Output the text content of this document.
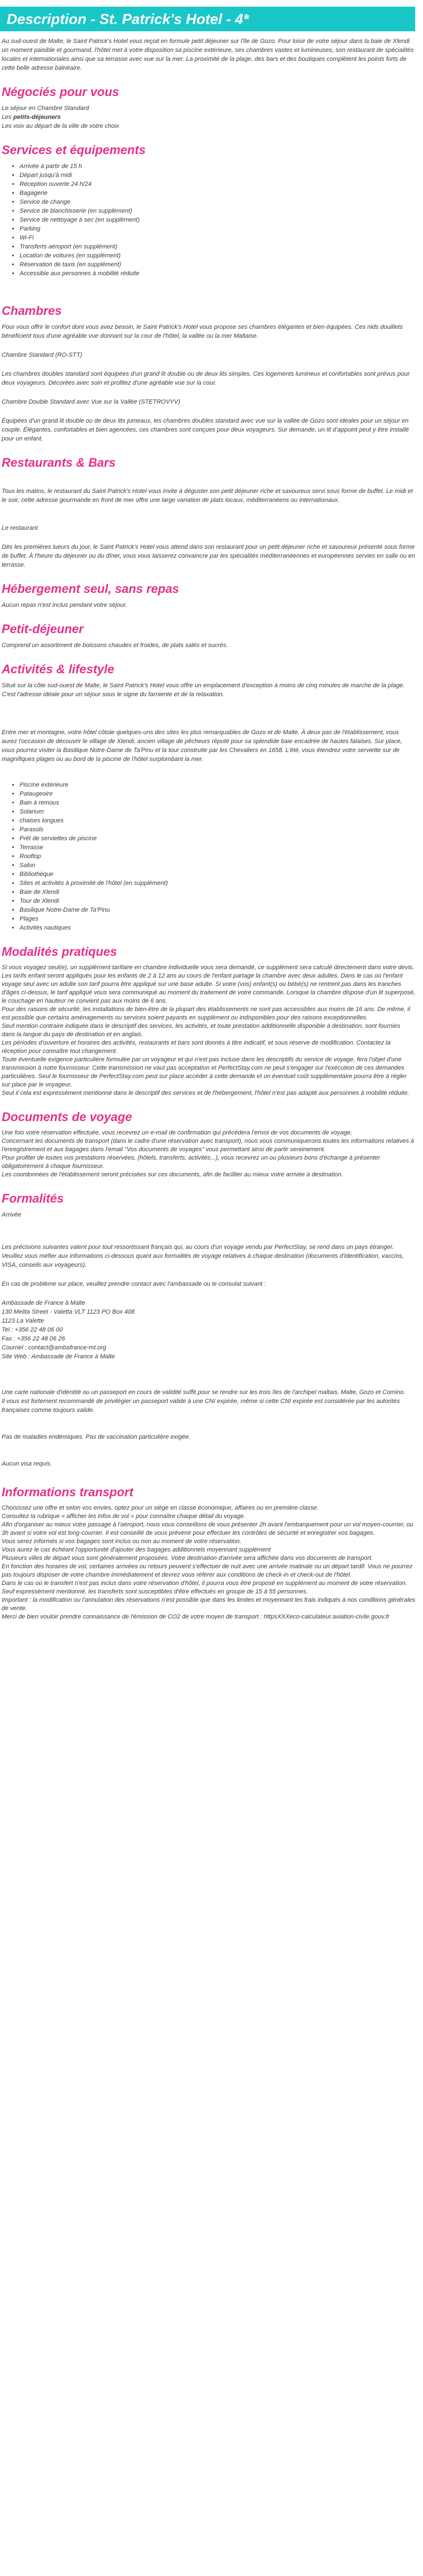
Description - St. Patrick's Hotel - 4*

Au sud-ouest de Malte, le Saint Patrick's Hotel vous reçoit en formule petit déjeuner sur l'île de Gozo. Pour loisir de votre séjour dans la baie de Xlendi un moment paisible et gourmand, l'hôtel met à votre disposition sa piscine extérieure, ses chambres vastes et lumineuses, son restaurant de spécialités locales et internationales ainsi que sa terrasse avec vue sur la mer. La proximité de la plage, des bars et des boutiques complètent les points forts de cette belle adresse balnéaire.

Négociés pour vous

Le séjour en Chambre Standard

Les petits-déjeuners

Les voix au départ de la ville de votre choix

Services et équipements
• Arrivée à partir de 15 h
• Départ jusqu'à midi
• Réception ouverte 24 h/24
• Bagagerie
• Service de change
• Service de blanchisserie (en supplément)
• Service de nettoyage à sec (en supplément)
• Parking
• Wi-Fi
• Transferts aéroport (en supplément)
• Location de voitures (en supplément)
• Réservation de taxis (en supplément)
• Accessible aux personnes à mobilité réduite
Chambres

Pour vous offrir le confort dont vous avez besoin, le Saint Patrick's Hotel vous propose ses chambres élégantes et bien équipées. Ces nids douillets bénéficient tous d'une agréable vue donnant sur la cour de l'hôtel, la vallée ou la mer Maltaise.

Chambre Standard (RO-STT)

Les chambres doubles standard sont équipées d'un grand lit double ou de deux lits simples. Ces logements lumineux et confortables sont prévus pour deux voyageurs. Décorées avec soin et profitez d'une agréable vue sur la cour.

Chambre Double Standard avec Vue sur la Vallée (STETROVYV)

Équipées d'un grand lit double ou de deux lits jumeaux, les chambres doubles standard avec vue sur la vallée de Gozo sont idéales pour un séjour en couple. Élégantes, confortables et bien agencées, ces chambres sont conçues pour deux voyageurs. Sur demande, un lit d'appoint peut y être installé pour un enfant.

Restaurants & Bars

Tous les matins, le restaurant du Saint Patrick's Hotel vous invite à déguster son petit déjeuner riche et savoureux servi sous forme de buffet. Le midi et le soir, cette adresse gourmande en front de mer offre une large variation de plats locaux, méditerranéens ou internationaux.

Le restaurant

Dès les premières lueurs du jour, le Saint Patrick's Hotel vous attend dans son restaurant pour un petit déjeuner riche et savoureux présenté sous forme de buffet. À l'heure du déjeuner ou du dîner, vous vous laisserez convaincre par les spécialités méditerranéennes et européennes servies en salle ou en terrasse.

Hébergement seul, sans repas

Aucun repas n'est inclus pendant votre séjour.

Petit-déjeuner

Comprend un assortiment de boissons chaudes et froides, de plats salés et sucrés.

Activités & lifestyle

Situé sur la côte sud-ouest de Malte, le Saint Patrick's Hotel vous offre un emplacement d'exception à moins de cinq minutes de marche de la plage. C'est l'adresse idéale pour un séjour sous le signe du farniente et de la relaxation.

Entre mer et montagne, votre hôtel côtoie quelques-uns des sites les plus remarquables de Gozo et de Malte. À deux pas de l'établissement, vous aurez l'occasion de découvrir le village de Xlendi, ancien village de pêcheurs réputé pour sa splendide baie encadrée de hautes falaises. Sur place, vous pourrez visiter la Basilique Notre-Dame de Ta'Pinu et la tour construite par les Chevaliers en 1658. L'été, vous étendrez votre serviette sur de magnifiques plages ou au bord de la piscine de l'hôtel surplombant la mer.

• Piscine extérieure
• Pataugeoire
• Bain à remous
• Solarium
• chaises longues
• Parasols
• Prêt de serviettes de piscine
• Terrasse
• Rooftop
• Salon
• Bibliothèque
• Sites et activités à proximité de l'hôtel (en supplément)
• Baie de Xlendi
• Tour de Xlendi
• Basilique Notre-Dame de Ta'Pinu
• Plages
• Activités nautiques
Modalités pratiques

Si vous voyagez seul(e), un supplément tarifaire en chambre individuelle vous sera demandé, ce supplément sera calculé directement dans votre devis.

Les tarifs enfant seront appliqués pour les enfants de 2 à 12 ans au cours de l'enfant partage la chambre avec deux adultes. Dans le cas où l'enfant voyage seul avec un adulte son tarif pourra être appliqué sur une base adulte. Si votre (vos) enfant(s) ou bébé(s) ne rentrent pas dans les tranches d'âges ci-dessus, le tarif appliqué vous sera communiqué au moment du traitement de votre commande. Lorsque la chambre dispose d'un lit superposé, le couchage en hauteur ne convient pas aux moins de 6 ans.

Pour des raisons de sécurité, les installations de bien-être de la plupart des établissements ne sont pas accessibles aux moins de 16 ans. De même, il est possible que certains aménagements ou services soient payants en supplément ou indisponibles pour des raisons exceptionnelles.

Seuf mention contraire indiquée dans le descriptif des services, les activités, et toute prestation additionnelle disponible à destination, sont fournies dans la langue du pays de destination et en anglais.

Les périodes d'ouverture et horaires des activités, restaurants et bars sont donnés à titre indicatif, et sous réserve de modification. Contactez la réception pour connaître tout changement.

Toute éventuelle exigence particulière formulée par un voyageur et qui n'est pas incluse dans les descriptifs du service de voyage, fera l'objet d'une transmission à notre fournisseur. Cette transmission ne vaut pas acceptation et PerfectStay.com ne peut s'engager sur l'exécution de ces demandes particulières. Seul le fournisseur de PerfectStay.com peut sur place accéder à cette demande et un éventuel coût supplémentaire pourra être à régler sur place par le voyageur.

Seul il cela est expressément mentionné dans le descriptif des services et de l'hébergement, l'hôtel n'est pas adapté aux personnes à mobilité réduite.

Documents de voyage

Une fois votre réservation effectuée, vous recevrez un e-mail de confirmation qui précédera l'envoi de vos documents de voyage.

Concernant les documents de transport (dans le cadre d'une réservation avec transport), nous vous communiquerons toutes les informations relatives à l'enregistrement et aux bagages dans l'email "Vos documents de voyages" vous permettant ainsi de partir sereinement.

Pour profiter de toutes vos prestations réservées, (hôtels, transferts, activités...), vous recevrez un ou plusieurs bons d'échange à présenter obligatoirement à chaque fournisseur.

Les coordonnées de l'établissement seront précisées sur ces documents, afin de faciliter au mieux votre arrivée à destination.

Formalités

Arrivée

Les précisions suivantes valent pour tout ressortissant français qui, au cours d'un voyage vendu par PerfectStay, se rend dans un pays étranger.

Veuillez vous méfier aux informations ci-dessous quant aux formalités de voyage relatives à chaque destination (documents d'identification, vaccins, VISA, conseils aux voyageurs).

En cas de problème sur place, veuillez prendre contact avec l'ambassade ou le consulat suivant :

Ambassade de France à Malte

130 Melita Street - Valetta VLT 1123 PO Box 408

1123 La Valette

Tel : +356 22 48 06 00

Fax : +356 22 48 06 26

Courriel : contact@ambafrance-mt.org

Site Web : Ambassade de France à Malte

Une carte nationale d'identité ou un passeport en cours de validité suffit pour se rendre sur les trois îles de l'archipel maltais, Malte, Gozo et Comino.

Il vous est fortement recommandé de privilégier un passeport valide à une CNI expirée, même si cette CNI expirée est considérée par les autorités françaises comme toujours valide.

Pas de maladies endémiques. Pas de vaccination particulière exigée.

Aucun visa requis.

Informations transport

Choisissez une offre et selon vos envies, optez pour un siège en classe économique, affaires ou en première classe.

Consultez la rubrique « afficher les infos de vol » pour connaître chaque détail du voyage.

Afin d'organiser au mieux votre passage à l'aéroport, nous vous conseillons de vous présenter 2h avant l'embarquement pour un vol moyen-courrier, ou 3h avant si votre vol est long-courrier. Il est conseillé de vous prévenir pour effectuer les contrôles de sécurité et enregistrer vos bagages.

Vous serez informés si vos bagages sont inclus ou non au moment de votre réservation.

Vous aurez le cas échéant l'opportunité d'ajouter des bagages additionnels moyennant supplément

Plusieurs villes de départ vous sont généralement proposées. Votre destination d'arrivée sera affichée dans vos documents de transport.

En fonction des horaires de vol, certaines arrivées ou retours peuvent s'effectuer de nuit avec une arrivée matinale ou un départ tardif. Vous ne pourrez pas toujours disposer de votre chambre immédiatement et devrez vous référer aux conditions de check-in et check-out de l'hôtel.

Dans le cas où le transfert n'est pas inclus dans votre réservation d'hôtel, il pourra vous être proposé en supplément au moment de votre réservation. Seuf expressément mentionné, les transferts sont susceptibles d'être effectués en groupe de 15 à 55 personnes.

Important : la modification ou l'annulation des réservations n'est possible que dans les limites et moyennant les frais indiqués à nos conditions générales de vente.

Merci de bien vouloir prendre connaissance de l'émission de CO2 de votre moyen de transport : httpsXXXeco-calculateur.aviation-civile.gouv.fr
